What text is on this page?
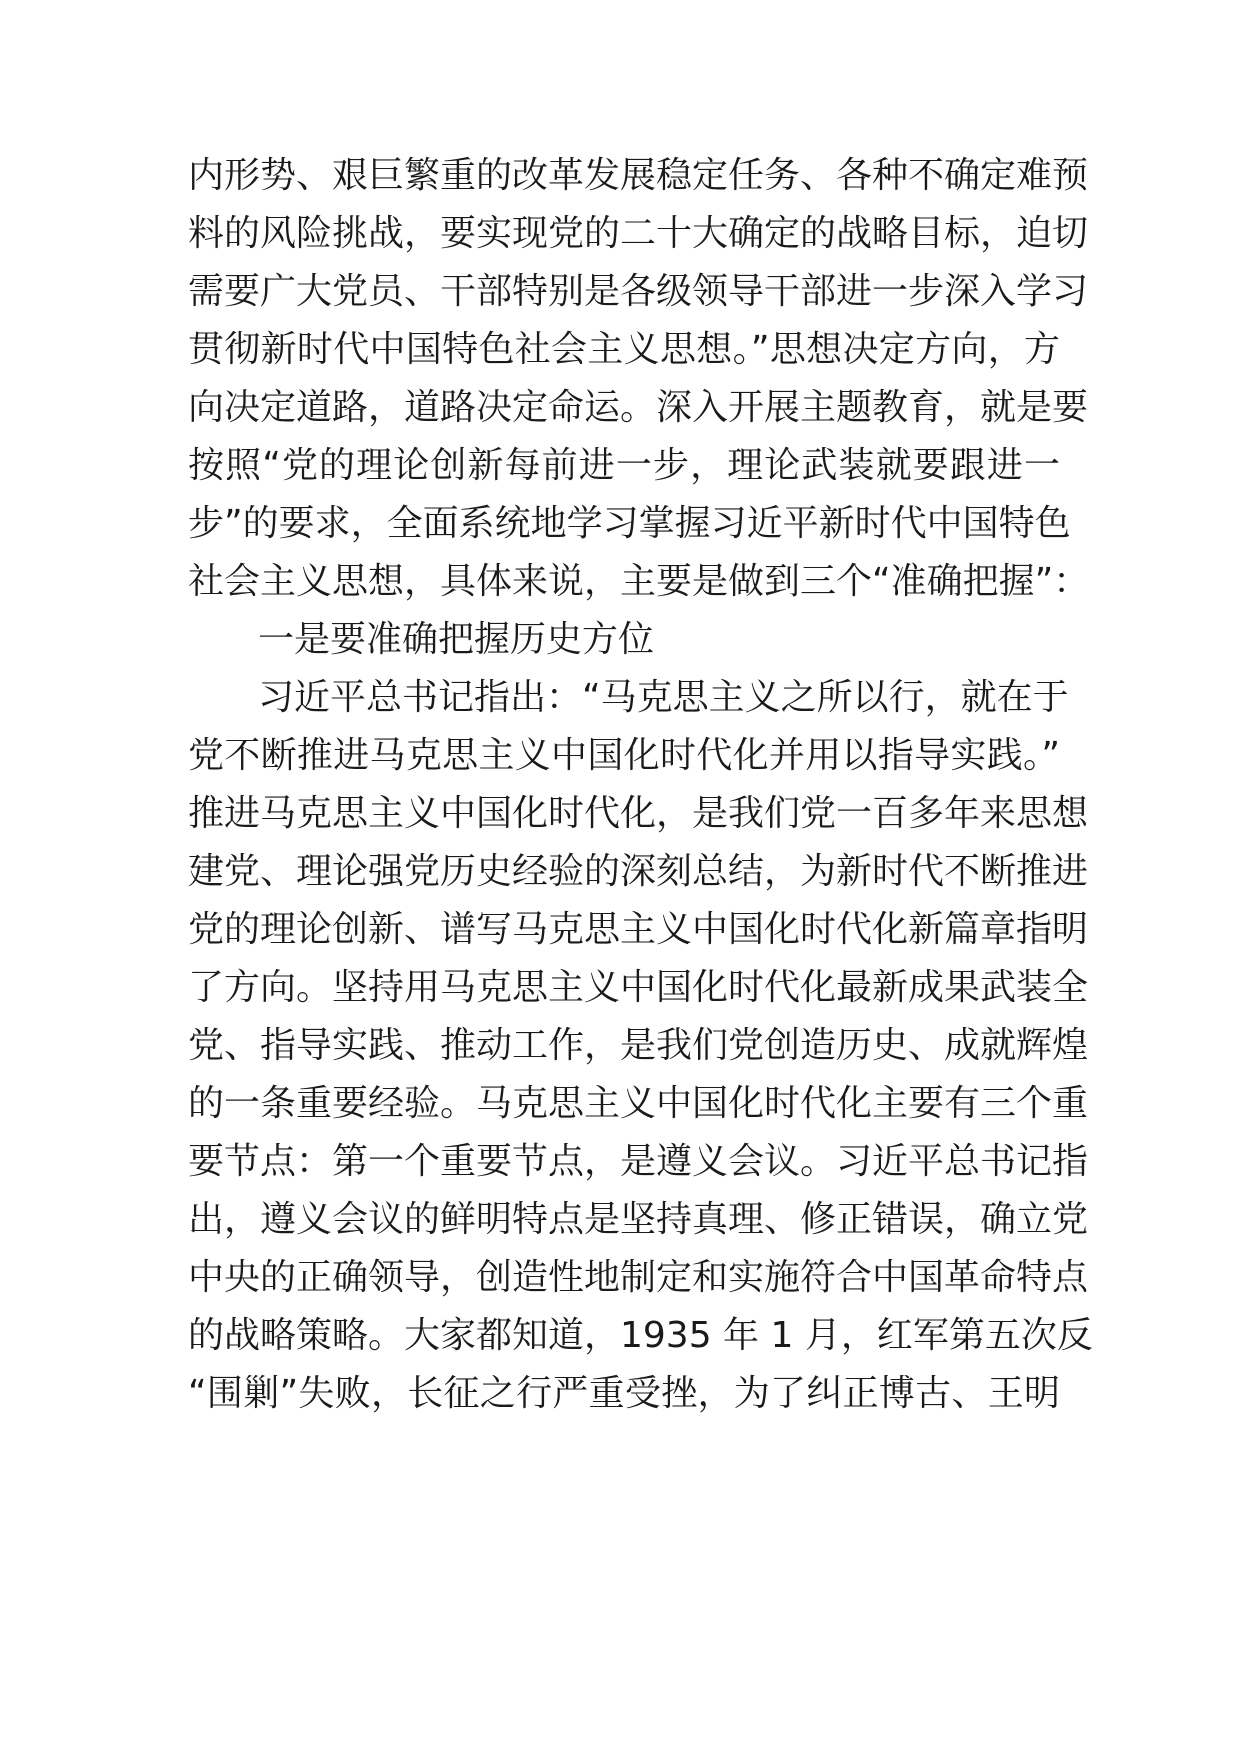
内形势、艰巨繁重的改革发展稳定任务、各种不确定难预
料的风险挑战，要实现党的二十大确定的战略目标，迫切
需要广大党员、干部特别是各级领导干部进一步深入学习
贯彻新时代中国特色社会主义思想。”思想决定方向，方
向决定道路，道路决定命运。深入开展主题教育，就是要
按照“党的理论创新每前进一步，理论武装就要跟进一
步”的要求，全面系统地学习掌握习近平新时代中国特色
社会主义思想，具体来说，主要是做到三个“准确把握”：
一是要准确把握历史方位
习近平总书记指出：“马克思主义之所以行，就在于
党不断推进马克思主义中国化时代化并用以指导实践。”
推进马克思主义中国化时代化，是我们党一百多年来思想
建党、理论强党历史经验的深刻总结，为新时代不断推进
党的理论创新、谱写马克思主义中国化时代化新篇章指明
了方向。坚持用马克思主义中国化时代化最新成果武装全
党、指导实践、推动工作，是我们党创造历史、成就辉煌
的一条重要经验。马克思主义中国化时代化主要有三个重
要节点：第一个重要节点，是遵义会议。习近平总书记指
出，遵义会议的鲜明特点是坚持真理、修正错误，确立党
中央的正确领导，创造性地制定和实施符合中国革命特点
的战略策略。大家都知道，1935 年 1 月，红军第五次反
“围剿”失败，长征之行严重受挫，为了纠正博古、王明
